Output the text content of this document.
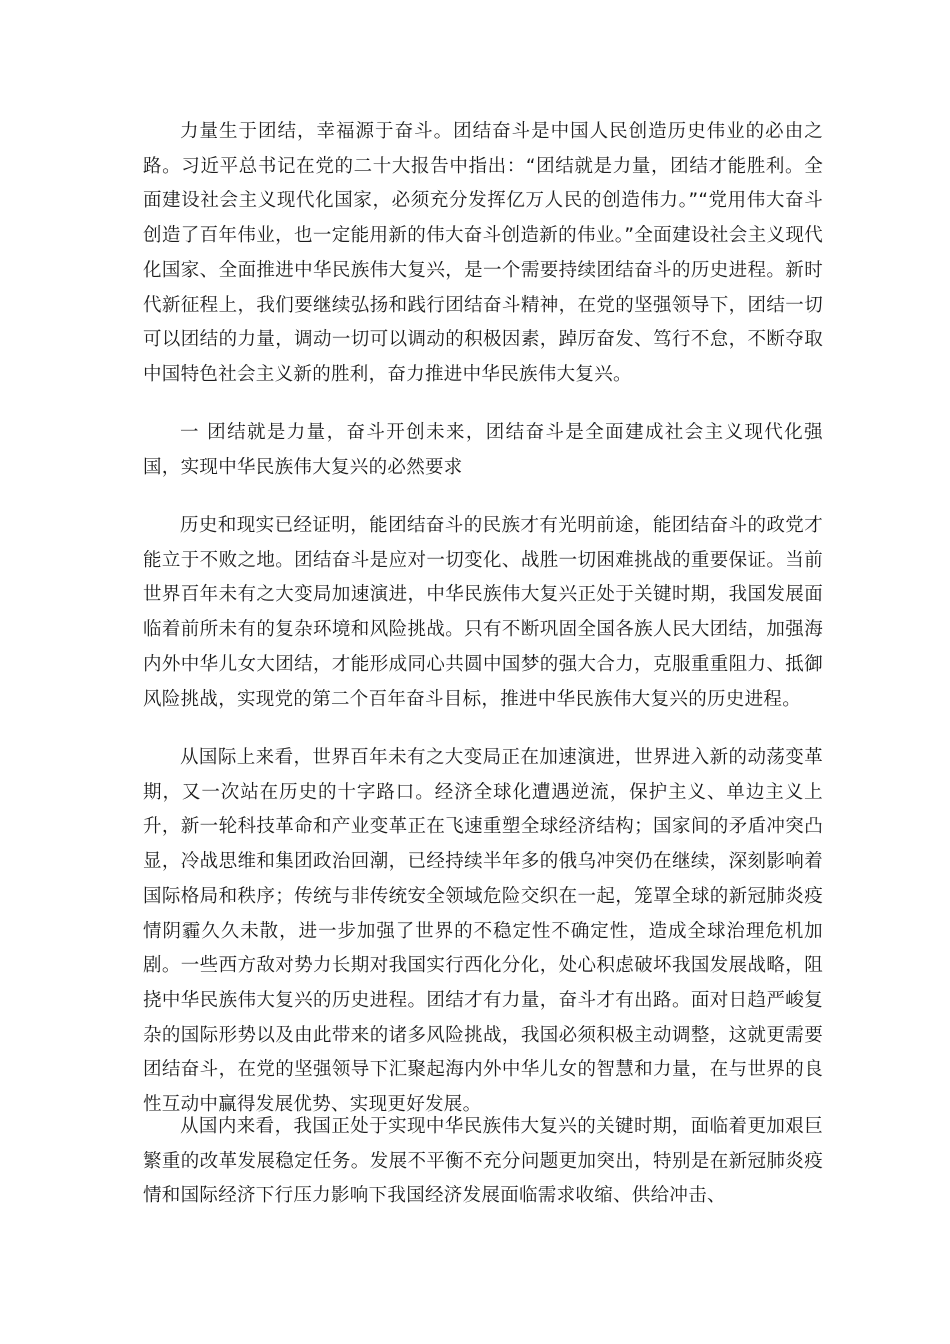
力量生于团结，幸福源于奋斗。团结奋斗是中国人民创造历史伟业的必由之路。习近平总书记在党的二十大报告中指出：“团结就是力量，团结才能胜利。全面建设社会主义现代化国家，必须充分发挥亿万人民的创造伟力。”“党用伟大奋斗创造了百年伟业，也一定能用新的伟大奋斗创造新的伟业。”全面建设社会主义现代化国家、全面推进中华民族伟大复兴，是一个需要持续团结奋斗的历史进程。新时代新征程上，我们要继续弘扬和践行团结奋斗精神，在党的坚强领导下，团结一切可以团结的力量，调动一切可以调动的积极因素，踔厉奋发、笃行不怠，不断夺取中国特色社会主义新的胜利，奋力推进中华民族伟大复兴。

一 团结就是力量，奋斗开创未来，团结奋斗是全面建成社会主义现代化强国，实现中华民族伟大复兴的必然要求

历史和现实已经证明，能团结奋斗的民族才有光明前途，能团结奋斗的政党才能立于不败之地。团结奋斗是应对一切变化、战胜一切困难挑战的重要保证。当前世界百年未有之大变局加速演进，中华民族伟大复兴正处于关键时期，我国发展面临着前所未有的复杂环境和风险挑战。只有不断巩固全国各族人民大团结，加强海内外中华儿女大团结，才能形成同心共圆中国梦的强大合力，克服重重阻力、抵御风险挑战，实现党的第二个百年奋斗目标，推进中华民族伟大复兴的历史进程。

从国际上来看，世界百年未有之大变局正在加速演进，世界进入新的动荡变革期，又一次站在历史的十字路口。经济全球化遭遇逆流，保护主义、单边主义上升，新一轮科技革命和产业变革正在飞速重塑全球经济结构；国家间的矛盾冲突凸显，冷战思维和集团政治回潮，已经持续半年多的俄乌冲突仍在继续，深刻影响着国际格局和秩序；传统与非传统安全领域危险交织在一起，笼罩全球的新冠肺炎疫情阴霾久久未散，进一步加强了世界的不稳定性不确定性，造成全球治理危机加剧。一些西方敌对势力长期对我国实行西化分化，处心积虑破坏我国发展战略，阻挠中华民族伟大复兴的历史进程。团结才有力量，奋斗才有出路。面对日趋严峻复杂的国际形势以及由此带来的诸多风险挑战，我国必须积极主动调整，这就更需要团结奋斗，在党的坚强领导下汇聚起海内外中华儿女的智慧和力量，在与世界的良性互动中赢得发展优势、实现更好发展。

从国内来看，我国正处于实现中华民族伟大复兴的关键时期，面临着更加艰巨繁重的改革发展稳定任务。发展不平衡不充分问题更加突出，特别是在新冠肺炎疫情和国际经济下行压力影响下我国经济发展面临需求收缩、供给冲击、
